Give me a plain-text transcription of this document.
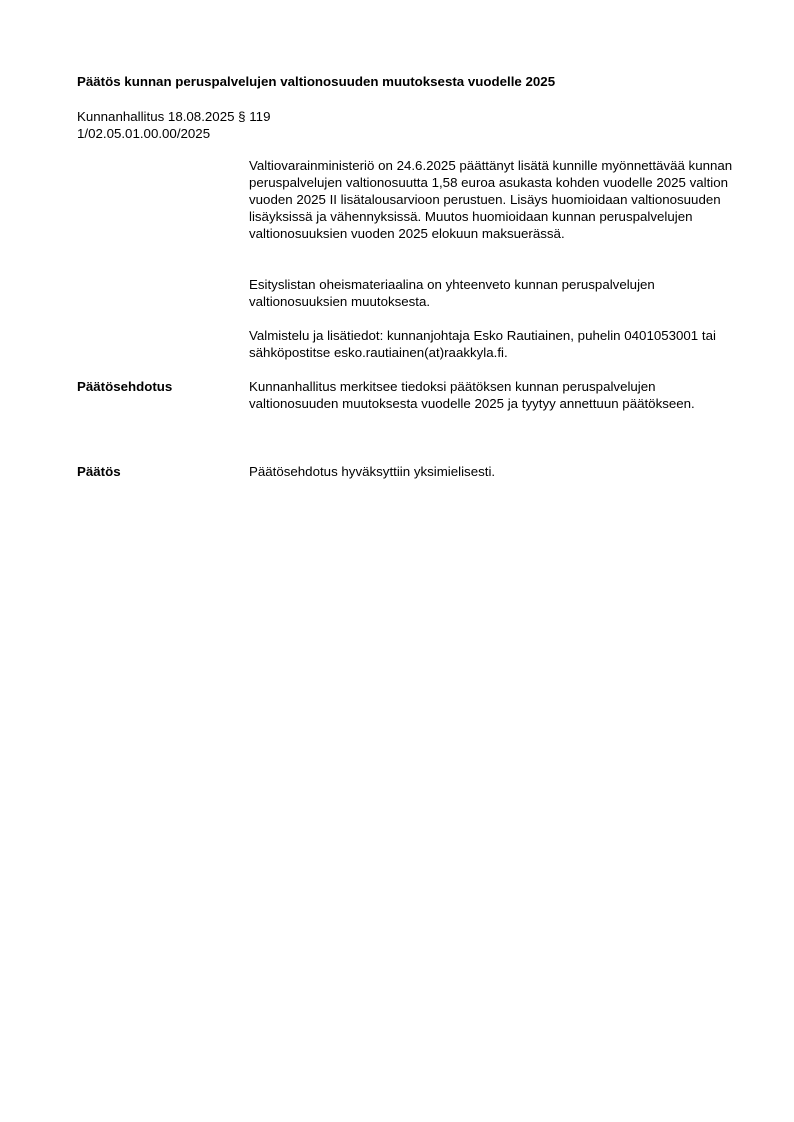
Päätös kunnan peruspalvelujen valtionosuuden muutoksesta vuodelle 2025
Kunnanhallitus 18.08.2025 § 119
1/02.05.01.00.00/2025

Valtiovarainministeriö on 24.6.2025 päättänyt lisätä kunnille myönnettävää kunnan peruspalvelujen valtionosuutta 1,58 euroa asukasta kohden vuodelle 2025 valtion vuoden 2025 II lisätalousarvioon perustuen. Lisäys huomioidaan valtionosuuden lisäyksissä ja vähennyksissä. Muutos huomioidaan kunnan peruspalvelujen valtionosuuksien vuoden 2025 elokuun maksuerässä.

Esityslistan oheismateriaalina on yhteenveto kunnan peruspalvelujen valtionosuuksien muutoksesta.

Valmistelu ja lisätiedot: kunnanjohtaja Esko Rautiainen, puhelin 0401053001 tai sähköpostitse esko.rautiainen(at)raakkyla.fi.

Päätösehdotus	Kunnanhallitus merkitsee tiedoksi päätöksen kunnan peruspalvelujen valtionosuuden muutoksesta vuodelle 2025 ja tyytyy annettuun päätökseen.

Päätös	Päätösehdotus hyväksyttiin yksimielisesti.
